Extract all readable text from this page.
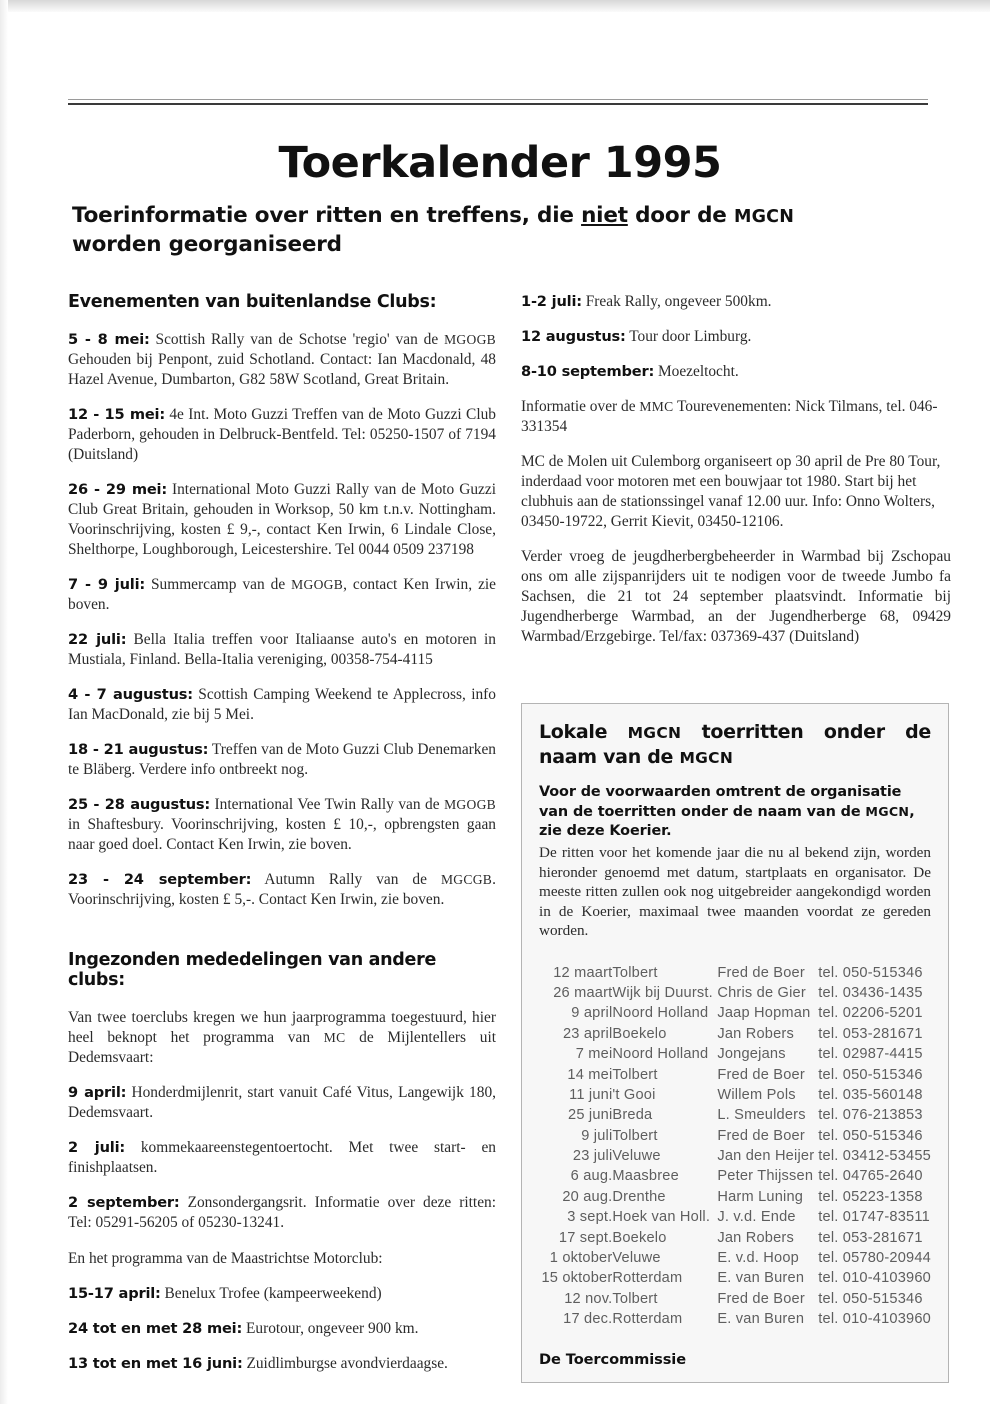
Toerkalender 1995
Toerinformatie over ritten en treffens, die niet door de MGCN
worden georganiseerd
Evenementen van buitenlandse Clubs:

5 - 8 mei: Scottish Rally van de Schotse 'regio' van de MGOGB Gehouden bij Penpont, zuid Schotland. Contact: Ian Macdonald, 48 Hazel Avenue, Dumbarton, G82 58W Scotland, Great Britain.

12 - 15 mei: 4e Int. Moto Guzzi Treffen van de Moto Guzzi Club Paderborn, gehouden in Delbruck-Bentfeld. Tel: 05250-1507 of 7194 (Duitsland)

26 - 29 mei: International Moto Guzzi Rally van de Moto Guzzi Club Great Britain, gehouden in Worksop, 50 km t.n.v. Nottingham. Voorinschrijving, kosten £ 9,-, contact Ken Irwin, 6 Lindale Close, Shelthorpe, Loughborough, Leicestershire. Tel 0044 0509 237198

7 - 9 juli: Summercamp van de MGOGB, contact Ken Irwin, zie boven.

22 juli: Bella Italia treffen voor Italiaanse auto's en motoren in Mustiala, Finland. Bella-Italia vereniging, 00358-754-4115

4 - 7 augustus: Scottish Camping Weekend te Applecross, info Ian MacDonald, zie bij 5 Mei.

18 - 21 augustus: Treffen van de Moto Guzzi Club Denemarken te Bläberg. Verdere info ontbreekt nog.

25 - 28 augustus: International Vee Twin Rally van de MGOGB in Shaftesbury. Voorinschrijving, kosten £ 10,-, opbrengsten gaan naar goed doel. Contact Ken Irwin, zie boven.

23 - 24 september: Autumn Rally van de MGCGB. Voorinschrijving, kosten £ 5,-. Contact Ken Irwin, zie boven.

Ingezonden mededelingen van andere clubs:

Van twee toerclubs kregen we hun jaarprogramma toegestuurd, hier heel beknopt het programma van MC de Mijlentellers uit Dedemsvaart:

9 april: Honderdmijlenrit, start vanuit Café Vitus, Langewijk 180, Dedemsvaart.

2 juli: kommekaareenstegentoertocht. Met twee start- en finishplaatsen.

2 september: Zonsondergangsrit. Informatie over deze ritten: Tel: 05291-56205 of 05230-13241.

En het programma van de Maastrichtse Motorclub:

15-17 april: Benelux Trofee (kampeerweekend)

24 tot en met 28 mei: Eurotour, ongeveer 900 km.

13 tot en met 16 juni: Zuidlimburgse avondvierdaagse.

1-2 juli: Freak Rally, ongeveer 500km.

12 augustus: Tour door Limburg.

8-10 september: Moezeltocht.

Informatie over de MMC Tourevenementen: Nick Tilmans, tel. 046-331354

MC de Molen uit Culemborg organiseert op 30 april de Pre 80 Tour, inderdaad voor motoren met een bouwjaar tot 1980. Start bij het clubhuis aan de stationssingel vanaf 12.00 uur. Info: Onno Wolters, 03450-19722, Gerrit Kievit, 03450-12106.

Verder vroeg de jeugdherbergbeheerder in Warmbad bij Zschopau ons om alle zijspanrijders uit te nodigen voor de tweede Jumbo fa Sachsen, die 21 tot 24 september plaatsvindt. Informatie bij Jugendherberge Warmbad, an der Jugendherberge 68, 09429 Warmbad/Erzgebirge. Tel/fax: 037369-437 (Duitsland)

Lokale MGCN toerritten onder de naam van de MGCN
Voor de voorwaarden omtrent de organisatie van de toerritten onder de naam van de MGCN, zie deze Koerier.

De ritten voor het komende jaar die nu al bekend zijn, worden hieronder genoemd met datum, startplaats en organisator. De meeste ritten zullen ook nog uitgebreider aangekondigd worden in de Koerier, maximaal twee maanden voordat ze gereden worden.

12 maart	Tolbert	Fred de Boer	tel. 050-515346
26 maart	Wijk bij Duurst.	Chris de Gier	tel. 03436-1435
9 april	Noord Holland	Jaap Hopman	tel. 02206-5201
23 april	Boekelo	Jan Robers	tel. 053-281671
7 mei	Noord Holland	Jongejans	tel. 02987-4415
14 mei	Tolbert	Fred de Boer	tel. 050-515346
11 juni	't Gooi	Willem Pols	tel. 035-560148
25 juni	Breda	L. Smeulders	tel. 076-213853
9 juli	Tolbert	Fred de Boer	tel. 050-515346
23 juli	Veluwe	Jan den Heijer	tel. 03412-53455
6 aug.	Maasbree	Peter Thijssen	tel. 04765-2640
20 aug.	Drenthe	Harm Luning	tel. 05223-1358
3 sept.	Hoek van Holl.	J. v.d. Ende	tel. 01747-83511
17 sept.	Boekelo	Jan Robers	tel. 053-281671
1 oktober	Veluwe	E. v.d. Hoop	tel. 05780-20944
15 oktober	Rotterdam	E. van Buren	tel. 010-4103960
12 nov.	Tolbert	Fred de Boer	tel. 050-515346
17 dec.	Rotterdam	E. van Buren	tel. 010-4103960
De Toercommissie
